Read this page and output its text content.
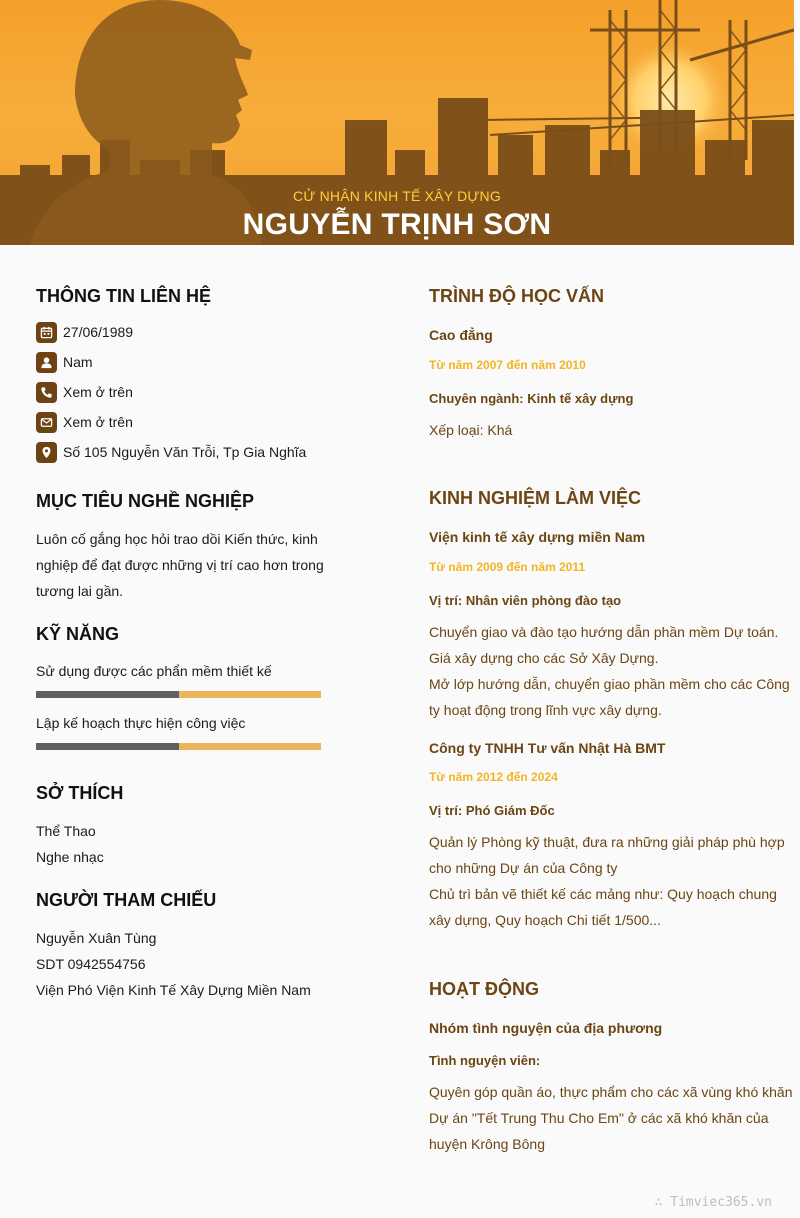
CỬ NHÂN KINH TẾ XÂY DỰNG
NGUYỄN TRỊNH SƠN
THÔNG TIN LIÊN HỆ
27/06/1989
Nam
Xem ở trên
Xem ở trên
Số 105 Nguyễn Văn Trỗi, Tp Gia Nghĩa
MỤC TIÊU NGHỀ NGHIỆP
Luôn cố gắng học hỏi trao dồi Kiến thức, kinh
nghiệp để đạt được những vị trí cao hơn trong
tương lai gần.
KỸ NĂNG
Sử dụng được các phẩn mềm thiết kế
Lập kế hoạch thực hiện công việc
SỞ THÍCH
Thể Thao
Nghe nhạc
NGƯỜI THAM CHIẾU
Nguyễn Xuân Tùng
SDT 0942554756
Viện Phó Viện Kinh Tế Xây Dựng Miền Nam
TRÌNH ĐỘ HỌC VẤN
Cao đẳng
Từ năm 2007 đến năm 2010
Chuyên ngành: Kinh tế xây dựng
Xếp loại: Khá
KINH NGHIỆM LÀM VIỆC
Viện kinh tế xây dựng miền Nam
Từ năm 2009 đến năm 2011
Vị trí: Nhân viên phòng đào tạo
Chuyển giao và đào tạo hướng dẫn phần mềm Dự toán.
Giá xây dựng cho các Sở Xây Dựng.
Mở lớp hướng dẫn, chuyển giao phần mềm cho các Công
ty hoạt động trong lĩnh vực xây dựng.
Công ty TNHH Tư vấn Nhật Hà BMT
Từ năm 2012 đến 2024
Vị trí: Phó Giám Đốc
Quản lý Phòng kỹ thuật, đưa ra những giải pháp phù hợp
cho những Dự án của Công ty
Chủ trì bản vẽ thiết kế các mảng như: Quy hoạch chung
xây dựng, Quy hoạch Chi tiết 1/500...
HOẠT ĐỘNG
Nhóm tình nguyện của địa phương
Tình nguyện viên:
Quyên góp quần áo, thực phẩm cho các xã vùng khó khăn
Dự án "Tết Trung Thu Cho Em" ở các xã khó khăn của
huyện Krông Bông
∴ Timviec365.vn
